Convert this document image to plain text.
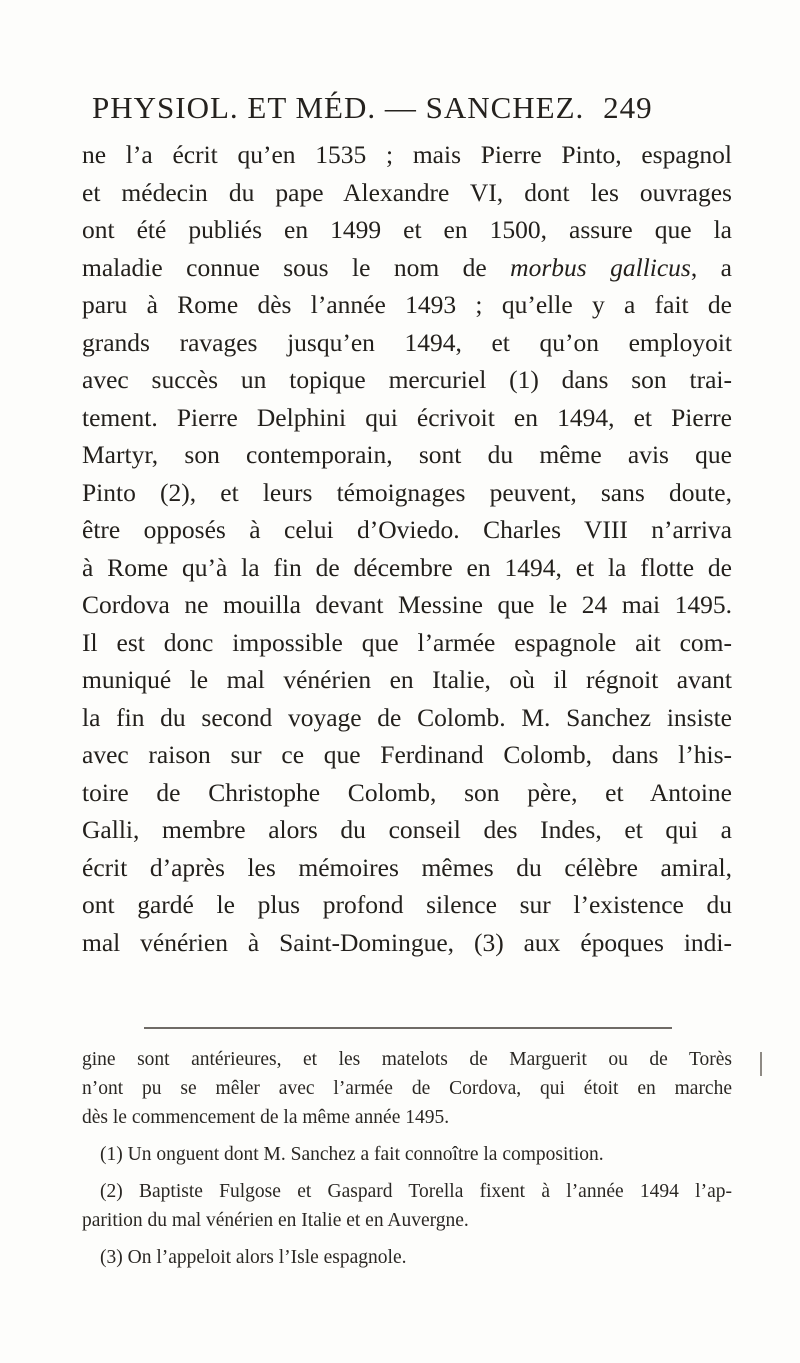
PHYSIOL. ET MÉD. — SANCHEZ. 249
ne l’a écrit qu’en 1535 ; mais Pierre Pinto, espagnol
et médecin du pape Alexandre VI, dont les ouvrages
ont été publiés en 1499 et en 1500, assure que la
maladie connue sous le nom de morbus gallicus, a
paru à Rome dès l’année 1493 ; qu’elle y a fait de
grands ravages jusqu’en 1494, et qu’on employoit
avec succès un topique mercuriel (1) dans son trai-
tement. Pierre Delphini qui écrivoit en 1494, et Pierre
Martyr, son contemporain, sont du même avis que
Pinto (2), et leurs témoignages peuvent, sans doute,
être opposés à celui d’Oviedo. Charles VIII n’arriva
à Rome qu’à la fin de décembre en 1494, et la flotte de
Cordova ne mouilla devant Messine que le 24 mai 1495.
Il est donc impossible que l’armée espagnole ait com-
muniqué le mal vénérien en Italie, où il régnoit avant
la fin du second voyage de Colomb. M. Sanchez insiste
avec raison sur ce que Ferdinand Colomb, dans l’his-
toire de Christophe Colomb, son père, et Antoine
Galli, membre alors du conseil des Indes, et qui a
écrit d’après les mémoires mêmes du célèbre amiral,
ont gardé le plus profond silence sur l’existence du
mal vénérien à Saint-Domingue, (3) aux époques indi-
gine sont antérieures, et les matelots de Marguerit ou de Torès
n’ont pu se mêler avec l’armée de Cordova, qui étoit en marche
dès le commencement de la même année 1495.
(1) Un onguent dont M. Sanchez a fait connoître la composition.
(2) Baptiste Fulgose et Gaspard Torella fixent à l’année 1494 l’ap-
parition du mal vénérien en Italie et en Auvergne.
(3) On l’appeloit alors l’Isle espagnole.
